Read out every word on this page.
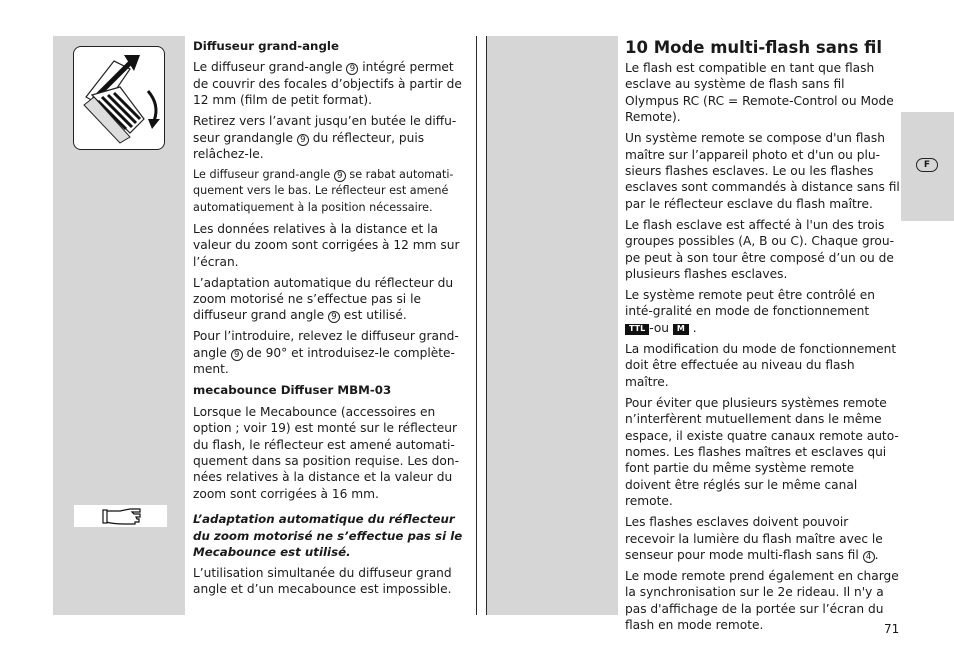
F

Diffuseur grand-angle

Le diffuseur grand-angle 9 intégré permet de couvrir des focales d’objectifs à partir de 12 mm (film de petit format).

Retirez vers l’avant jusqu’en butée le diffu-seur grandangle 9 du réflecteur, puis relâchez-le.

Le diffuseur grand-angle 9 se rabat automati-quement vers le bas. Le réflecteur est amené automatiquement à la position nécessaire.

Les données relatives à la distance et la valeur du zoom sont corrigées à 12 mm sur l’écran.

L’adaptation automatique du réflecteur du zoom motorisé ne s’effectue pas si le diffuseur grand angle 9 est utilisé.

Pour l’introduire, relevez le diffuseur grand-angle 9 de 90° et introduisez-le complète-ment.

mecabounce Diffuser MBM-03

Lorsque le Mecabounce (accessoires en option ; voir 19) est monté sur le réflecteur du flash, le réflecteur est amené automati-quement dans sa position requise. Les don-nées relatives à la distance et la valeur du zoom sont corrigées à 16 mm.

L’adaptation automatique du réflecteur du zoom motorisé ne s’effectue pas si le Mecabounce est utilisé.

L’utilisation simultanée du diffuseur grand angle et d’un mecabounce est impossible.

10 Mode multi-flash sans fil

Le flash est compatible en tant que flash esclave au système de flash sans fil Olympus RC (RC = Remote-Control ou Mode Remote).

Un système remote se compose d'un flash maître sur l’appareil photo et d'un ou plu-sieurs flashes esclaves. Le ou les flashes esclaves sont commandés à distance sans fil par le réflecteur esclave du flash maître.

Le flash esclave est affecté à l'un des trois groupes possibles (A, B ou C). Chaque grou-pe peut à son tour être composé d’un ou de plusieurs flashes esclaves.

Le système remote peut être contrôlé en inté-gralité en mode de fonctionnement
TTL -ou M .

La modification du mode de fonctionnement doit être effectuée au niveau du flash maître.

Pour éviter que plusieurs systèmes remote n’interfèrent mutuellement dans le même espace, il existe quatre canaux remote auto-nomes. Les flashes maîtres et esclaves qui font partie du même système remote doivent être réglés sur le même canal remote.

Les flashes esclaves doivent pouvoir recevoir la lumière du flash maître avec le senseur pour mode multi-flash sans fil 4 .

Le mode remote prend également en charge la synchronisation sur le 2e rideau. Il n'y a pas d'affichage de la portée sur l’écran du flash en mode remote.	71
